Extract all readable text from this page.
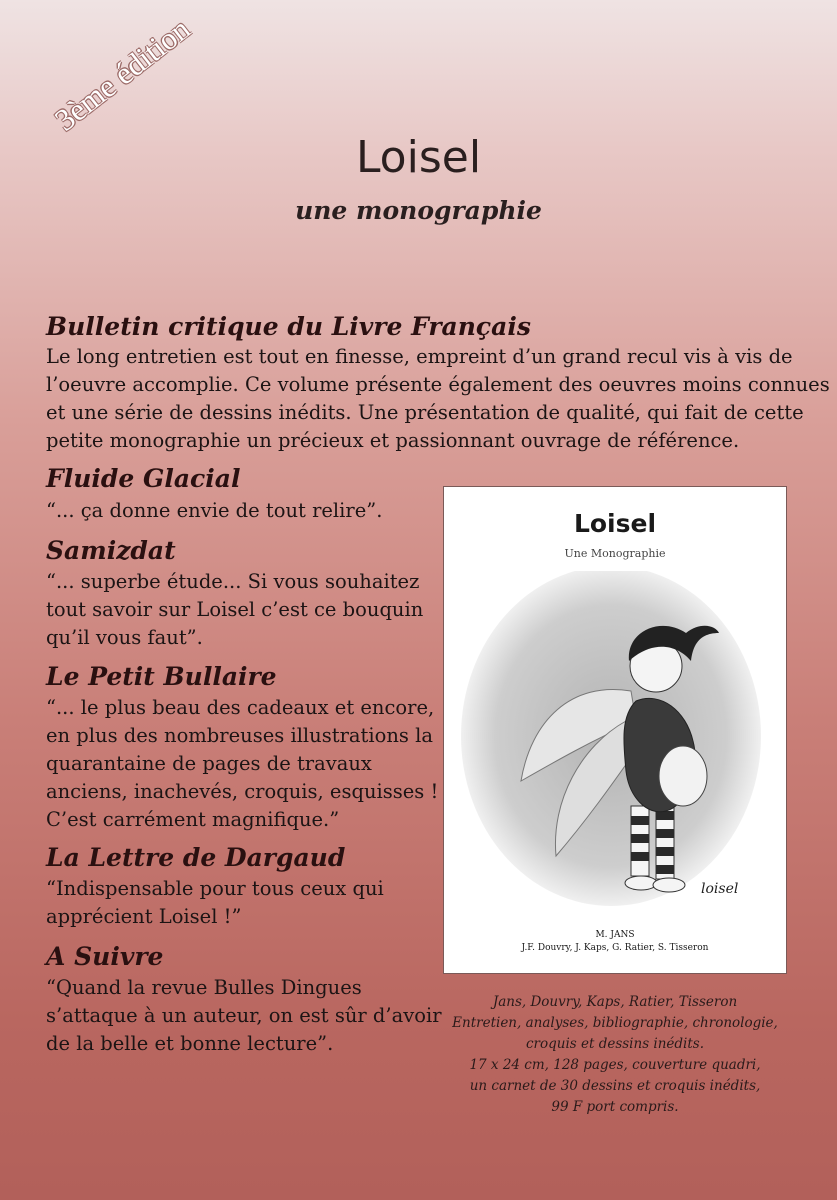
3ème édition
Loisel
une monographie
Bulletin critique du Livre Français
Le long entretien est tout en finesse, empreint d’un grand recul vis à vis de
l’oeuvre accomplie. Ce volume présente également des oeuvres moins connues
et une série de dessins inédits. Une présentation de qualité, qui fait de cette
petite monographie un précieux et passionnant ouvrage de référence.
Fluide Glacial
“... ça donne envie de tout relire”.
Samizdat
“... superbe étude... Si vous souhaitez
tout savoir sur Loisel c’est ce bouquin
qu’il vous faut”.
Le Petit Bullaire
“... le plus beau des cadeaux et encore,
en plus des nombreuses illustrations la
quarantaine de pages de travaux
anciens, inachevés, croquis, esquisses !
C’est carrément magnifique.”
La Lettre de Dargaud
“Indispensable pour tous ceux qui
apprécient Loisel !”
A Suivre
“Quand la revue Bulles Dingues
s’attaque à un auteur, on est sûr d’avoir
de la belle et bonne lecture”.
Loisel
Une Monographie
loisel
M. JANS
J.F. Douvry, J. Kaps, G. Ratier, S. Tisseron
Jans, Douvry, Kaps, Ratier, Tisseron
Entretien, analyses, bibliographie, chronologie,
croquis et dessins inédits.
17 x 24 cm, 128 pages, couverture quadri,
un carnet de 30 dessins et croquis inédits,
99 F port compris.
